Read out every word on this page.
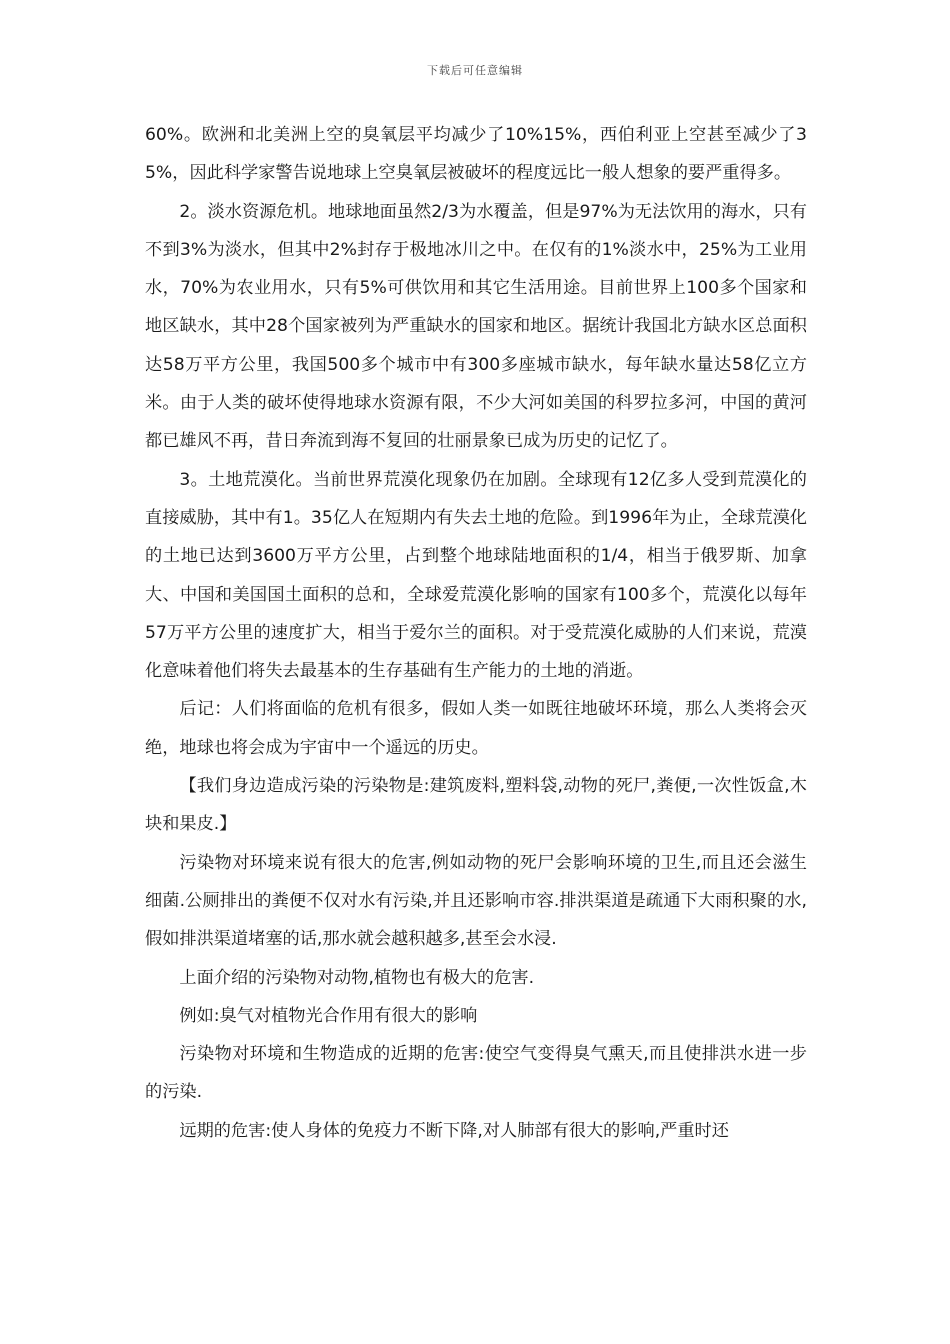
下载后可任意编辑

60%。欧洲和北美洲上空的臭氧层平均减少了10%15%，西伯利亚上空甚至减少了35%，因此科学家警告说地球上空臭氧层被破坏的程度远比一般人想象的要严重得多。

2。淡水资源危机。地球地面虽然2/3为水覆盖，但是97%为无法饮用的海水，只有不到3%为淡水，但其中2%封存于极地冰川之中。在仅有的1%淡水中，25%为工业用水，70%为农业用水，只有5%可供饮用和其它生活用途。目前世界上100多个国家和地区缺水，其中28个国家被列为严重缺水的国家和地区。据统计我国北方缺水区总面积达58万平方公里，我国500多个城市中有300多座城市缺水，每年缺水量达58亿立方米。由于人类的破坏使得地球水资源有限，不少大河如美国的科罗拉多河，中国的黄河都已雄风不再，昔日奔流到海不复回的壮丽景象已成为历史的记忆了。

3。土地荒漠化。当前世界荒漠化现象仍在加剧。全球现有12亿多人受到荒漠化的直接威胁，其中有1。35亿人在短期内有失去土地的危险。到1996年为止，全球荒漠化的土地已达到3600万平方公里，占到整个地球陆地面积的1/4，相当于俄罗斯、加拿大、中国和美国国土面积的总和，全球爱荒漠化影响的国家有100多个，荒漠化以每年57万平方公里的速度扩大，相当于爱尔兰的面积。对于受荒漠化威胁的人们来说，荒漠化意味着他们将失去最基本的生存基础有生产能力的土地的消逝。

后记：人们将面临的危机有很多，假如人类一如既往地破坏环境，那么人类将会灭绝，地球也将会成为宇宙中一个遥远的历史。

【我们身边造成污染的污染物是:建筑废料,塑料袋,动物的死尸,粪便,一次性饭盒,木块和果皮.】

污染物对环境来说有很大的危害,例如动物的死尸会影响环境的卫生,而且还会滋生细菌.公厕排出的粪便不仅对水有污染,并且还影响市容.排洪渠道是疏通下大雨积聚的水,假如排洪渠道堵塞的话,那水就会越积越多,甚至会水浸.

上面介绍的污染物对动物,植物也有极大的危害.

例如:臭气对植物光合作用有很大的影响

污染物对环境和生物造成的近期的危害:使空气变得臭气熏天,而且使排洪水进一步的污染.

远期的危害:使人身体的免疫力不断下降,对人肺部有很大的影响,严重时还
